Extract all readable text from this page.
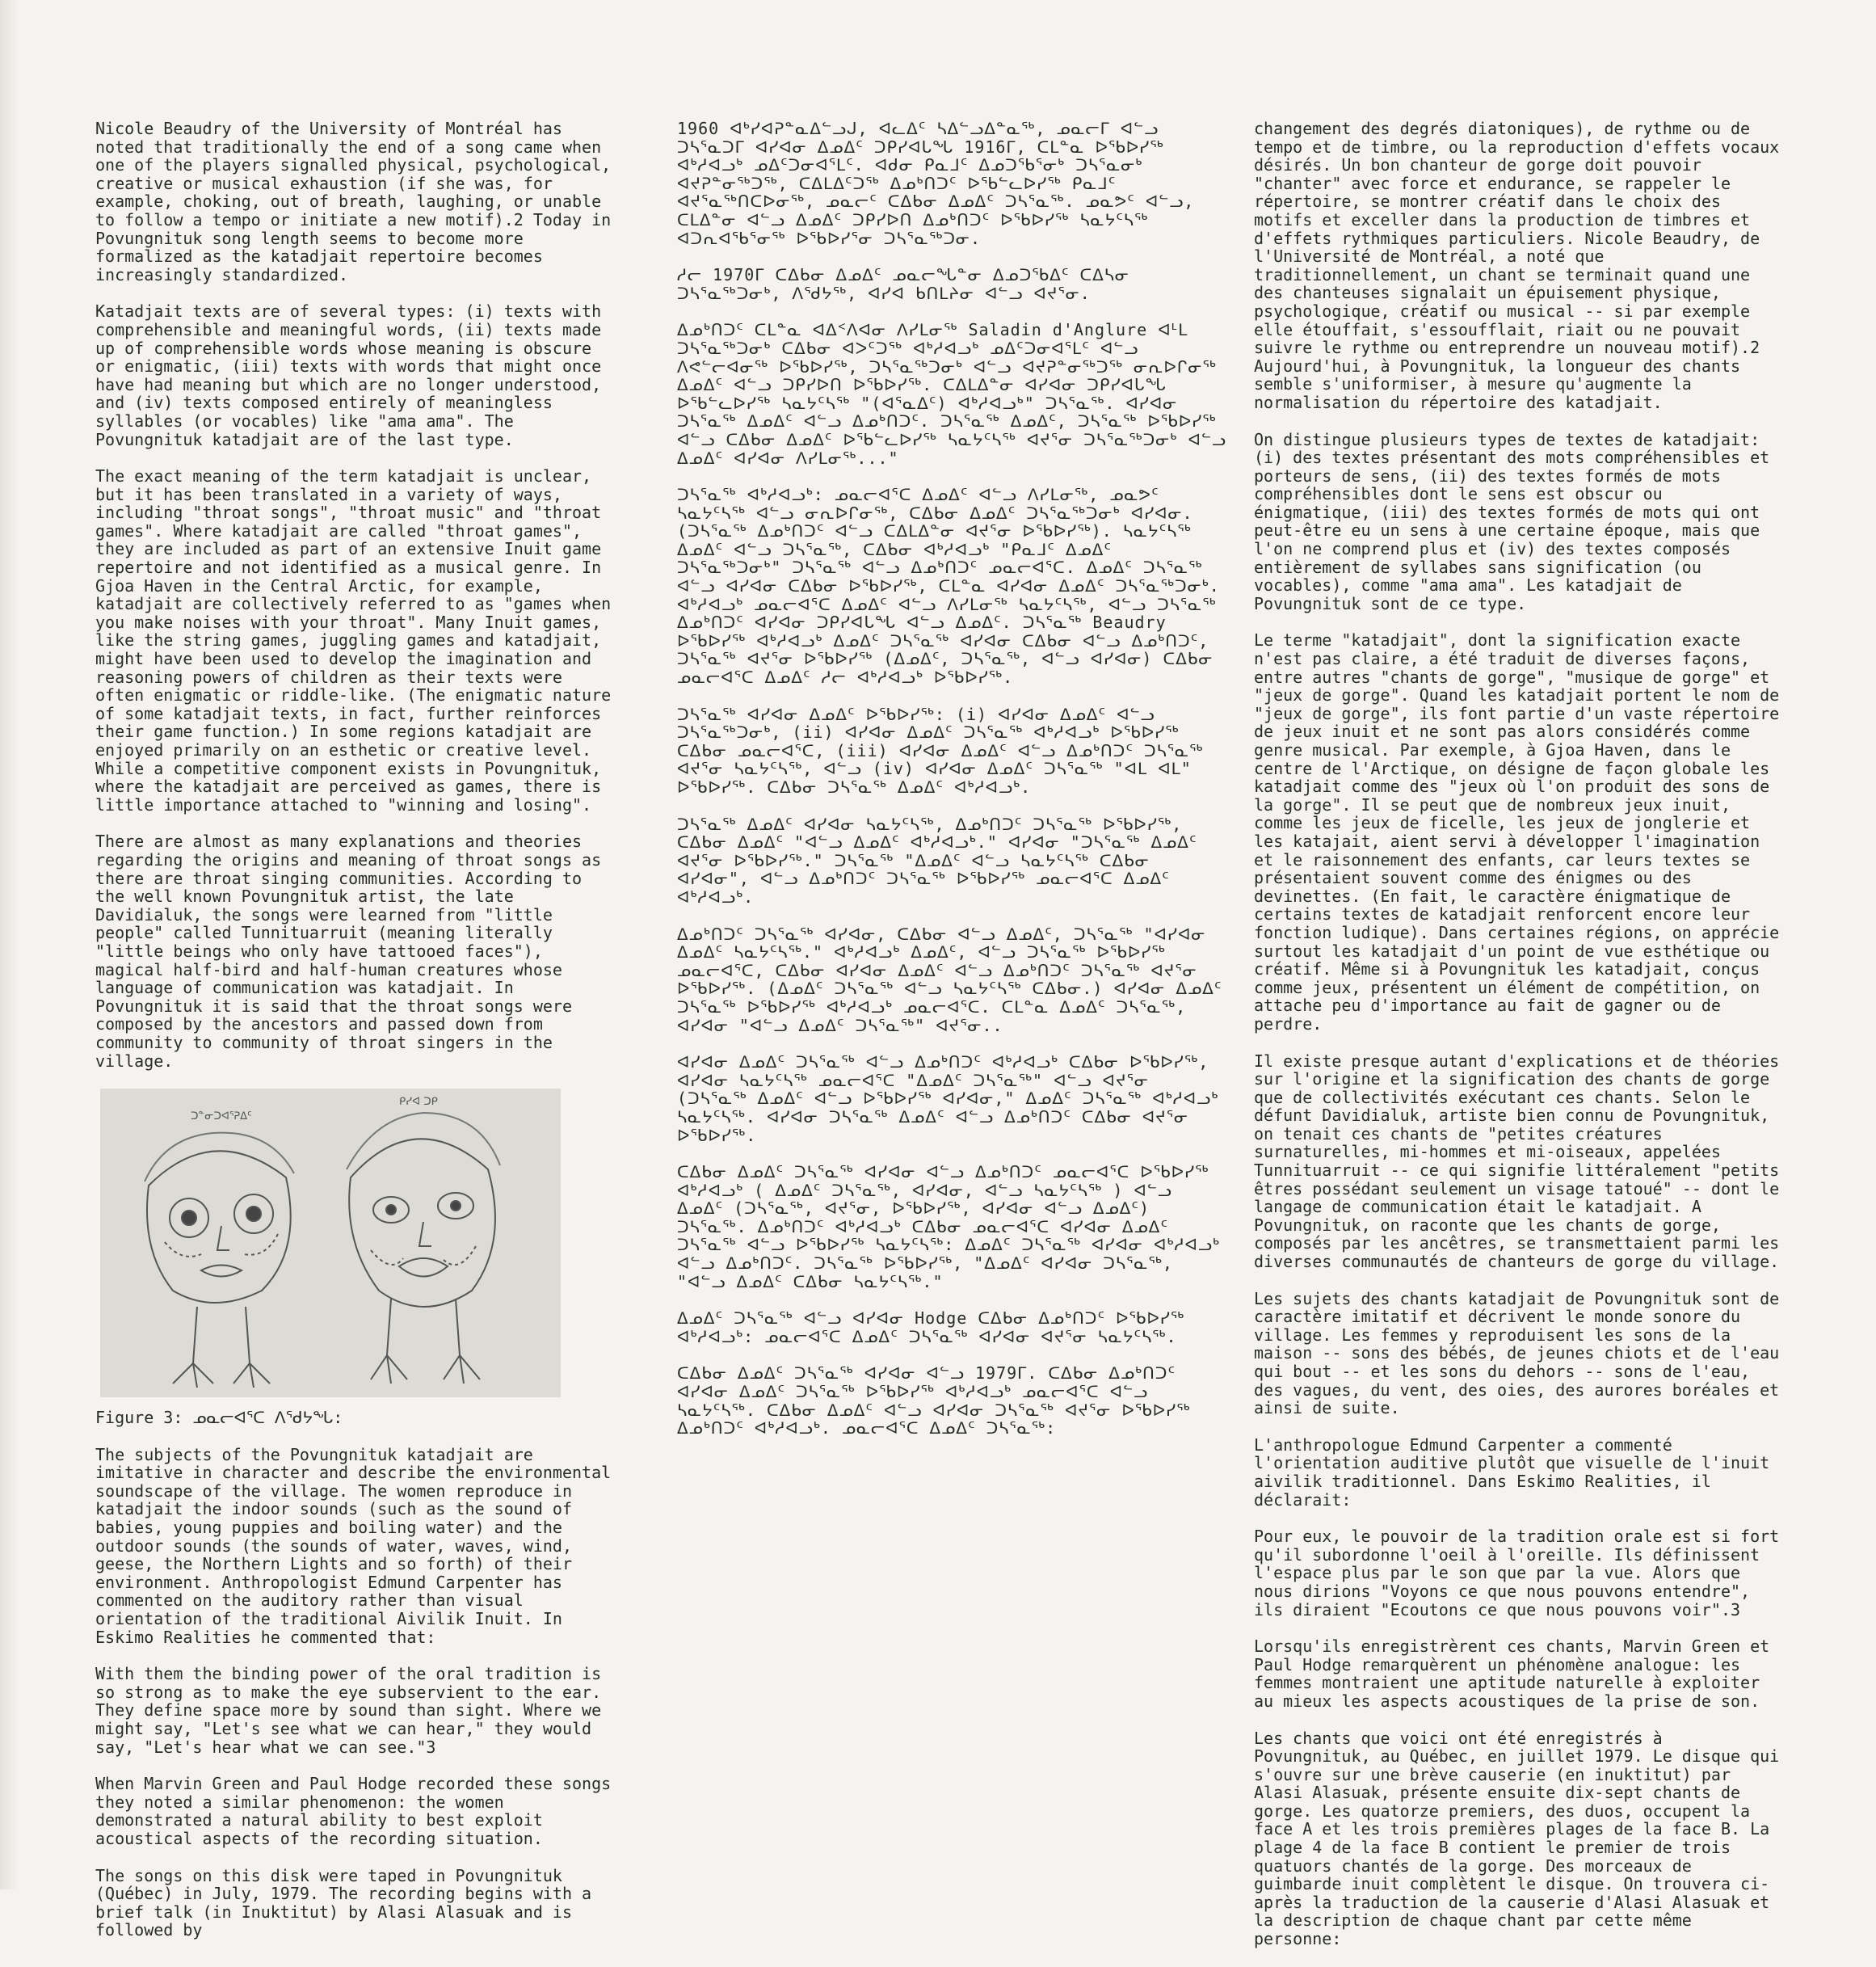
Nicole Beaudry of the University of Montréal has noted that traditionally the end of a song came when one of the players signalled physical, psychological, creative or musical exhaustion (if she was, for example, choking, out of breath, laughing, or unable to follow a tempo or initiate a new motif).2 Today in Povungnituk song length seems to become more formalized as the katadjait repertoire becomes increasingly standardized.

Katadjait texts are of several types: (i) texts with comprehensible and meaningful words, (ii) texts made up of comprehensible words whose meaning is obscure or enigmatic, (iii) texts with words that might once have had meaning but which are no longer understood, and (iv) texts composed entirely of meaningless syllables (or vocables) like "ama ama". The Povungnituk katadjait are of the last type.

The exact meaning of the term katadjait is unclear, but it has been translated in a variety of ways, including "throat songs", "throat music" and "throat games". Where katadjait are called "throat games", they are included as part of an extensive Inuit game repertoire and not identified as a musical genre. In Gjoa Haven in the Central Arctic, for example, katadjait are collectively referred to as "games when you make noises with your throat". Many Inuit games, like the string games, juggling games and katadjait, might have been used to develop the imagination and reasoning powers of children as their texts were often enigmatic or riddle-like. (The enigmatic nature of some katadjait texts, in fact, further reinforces their game function.) In some regions katadjait are enjoyed primarily on an esthetic or creative level. While a competitive component exists in Povungnituk, where the katadjait are perceived as games, there is little importance attached to "winning and losing".

There are almost as many explanations and theories regarding the origins and meaning of throat songs as there are throat singing communities. According to the well known Povungnituk artist, the late Davidialuk, the songs were learned from "little people" called Tunnituarruit (meaning literally "little beings who only have tattooed faces"), magical half-bird and half-human creatures whose language of communication was katadjait. In Povungnituk it is said that the throat songs were composed by the ancestors and passed down from community to community of throat singers in the village.

ᑐᓐᓂᑐᐊᕐᕈᐃᑦ
ᑭᓯᐊ ᑐᑭ

Figure 3: ᓄᓇᓕᐊᕐᑕ ᐱᖁᔭᖓ:

The subjects of the Povungnituk katadjait are imitative in character and describe the environmental soundscape of the village. The women reproduce in katadjait the indoor sounds (such as the sound of babies, young puppies and boiling water) and the outdoor sounds (the sounds of water, waves, wind, geese, the Northern Lights and so forth) of their environment. Anthropologist Edmund Carpenter has commented on the auditory rather than visual orientation of the traditional Aivilik Inuit. In Eskimo Realities he commented that:

With them the binding power of the oral tradition is so strong as to make the eye subservient to the ear. They define space more by sound than sight. Where we might say, "Let's see what we can hear," they would say, "Let's hear what we can see."3

When Marvin Green and Paul Hodge recorded these songs they noted a similar phenomenon: the women demonstrated a natural ability to best exploit acoustical aspects of the recording situation.

The songs on this disk were taped in Povungnituk (Québec) in July, 1979. The recording begins with a brief talk (in Inuktitut) by Alasi Alasuak and is followed by

1960 ᐊᒃᓯᐊᕈᓐᓇᐃᓪᓗᒍ, ᐊᓚᐃᑦ ᓴᐃᓪᓗᐃᓐᓇᖅ, ᓄᓇᓕᒥ ᐊᓪᓗ ᑐᓴᕐᓇᑐᒥ ᐊᓯᐊᓂ ᐃᓄᐃᑦ ᑐᑭᓯᐊᒐᖓ 1916ᒥ, ᑕᒪᓐᓇ ᐅᖃᐅᓯᖅ ᐊᒃᓱᐊᓗᒃ ᓄᐃᑦᑐᓂᐊᕐᒪᑦ. ᐊᑯᓂ ᑭᓇᒧᑦ ᐃᓄᑐᖃᕐᓂᒃ ᑐᓴᕐᓇᓂᒃ ᐊᔪᕈᓐᓂᖅᑐᖅ, ᑕᐃᒪᐃᑦᑐᖅ ᐃᓄᒃᑎᑐᑦ ᐅᖃᓪᓚᐅᓯᖅ ᑭᓇᒧᑦ ᐊᔪᕐᓇᖅᑎᑕᐅᓂᖅ, ᓄᓇᓕᑦ ᑕᐃᑲᓂ ᐃᓄᐃᑦ ᑐᓴᕐᓇᖅ. ᓄᓇᕗᑦ ᐊᓪᓗ, ᑕᒪᐃᓐᓂ ᐊᓪᓗ ᐃᓄᐃᑦ ᑐᑭᓯᐅᑎ ᐃᓄᒃᑎᑐᑦ ᐅᖃᐅᓯᖅ ᓴᓇᔭᑦᓴᖅ ᐊᑐᕆᐊᖃᕐᓂᖅ ᐅᖃᐅᓯᕐᓂ ᑐᓴᕐᓇᖅᑐᓂ.

ᓱᓕ 1970ᒥ ᑕᐃᑲᓂ ᐃᓄᐃᑦ ᓄᓇᓕᖓᓐᓂ ᐃᓄᑐᖃᐃᑦ ᑕᐃᓴᓂ ᑐᓴᕐᓇᖅᑐᓂᒃ, ᐱᖁᔭᖅ, ᐊᓯᐊ ᑲᑎᒪᔨᓂ ᐊᓪᓗ ᐊᔪᕐᓂ.

ᐃᓄᒃᑎᑐᑦ ᑕᒪᓐᓇ ᐊᐃᑉᐱᐊᓂ ᐱᓯᒪᓂᖅ Saladin d'Anglure ᐊᒻᒪ ᑐᓴᕐᓇᖅᑐᓂᒃ ᑕᐃᑲᓂ ᐊᐳᑦᑐᖅ ᐊᒃᓱᐊᓗᒃ ᓄᐃᑦᑐᓂᐊᕐᒪᑦ ᐊᓪᓗ ᐱᕙᓪᓕᐊᓂᖅ ᐅᖃᐅᓯᖅ, ᑐᓴᕐᓇᖅᑐᓂᒃ ᐊᓪᓗ ᐊᔪᕈᓐᓂᖅᑐᖅ ᓂᕆᐅᒋᓂᖅ ᐃᓄᐃᑦ ᐊᓪᓗ ᑐᑭᓯᐅᑎ ᐅᖃᐅᓯᖅ. ᑕᐃᒪᐃᓐᓂ ᐊᓯᐊᓂ ᑐᑭᓯᐊᒐᖓ ᐅᖃᓪᓚᐅᓯᖅ ᓴᓇᔭᑦᓴᖅ "(ᐊᕐᓇᐃᑦ) ᐊᒃᓱᐊᓗᒃ" ᑐᓴᕐᓇᖅ. ᐊᓯᐊᓂ ᑐᓴᕐᓇᖅ ᐃᓄᐃᑦ ᐊᓪᓗ ᐃᓄᒃᑎᑐᑦ. ᑐᓴᕐᓇᖅ ᐃᓄᐃᑦ, ᑐᓴᕐᓇᖅ ᐅᖃᐅᓯᖅ ᐊᓪᓗ ᑕᐃᑲᓂ ᐃᓄᐃᑦ ᐅᖃᓪᓚᐅᓯᖅ ᓴᓇᔭᑦᓴᖅ ᐊᔪᕐᓂ ᑐᓴᕐᓇᖅᑐᓂᒃ ᐊᓪᓗ ᐃᓄᐃᑦ ᐊᓯᐊᓂ ᐱᓯᒪᓂᖅ..."

ᑐᓴᕐᓇᖅ ᐊᒃᓱᐊᓗᒃ: ᓄᓇᓕᐊᕐᑕ ᐃᓄᐃᑦ ᐊᓪᓗ ᐱᓯᒪᓂᖅ, ᓄᓇᕗᑦ ᓴᓇᔭᑦᓴᖅ ᐊᓪᓗ ᓂᕆᐅᒋᓂᖅ, ᑕᐃᑲᓂ ᐃᓄᐃᑦ ᑐᓴᕐᓇᖅᑐᓂᒃ ᐊᓯᐊᓂ. (ᑐᓴᕐᓇᖅ ᐃᓄᒃᑎᑐᑦ ᐊᓪᓗ ᑕᐃᒪᐃᓐᓂ ᐊᔪᕐᓂ ᐅᖃᐅᓯᖅ). ᓴᓇᔭᑦᓴᖅ ᐃᓄᐃᑦ ᐊᓪᓗ ᑐᓴᕐᓇᖅ, ᑕᐃᑲᓂ ᐊᒃᓱᐊᓗᒃ "ᑭᓇᒧᑦ ᐃᓄᐃᑦ ᑐᓴᕐᓇᖅᑐᓂᒃ" ᑐᓴᕐᓇᖅ ᐊᓪᓗ ᐃᓄᒃᑎᑐᑦ ᓄᓇᓕᐊᕐᑕ. ᐃᓄᐃᑦ ᑐᓴᕐᓇᖅ ᐊᓪᓗ ᐊᓯᐊᓂ ᑕᐃᑲᓂ ᐅᖃᐅᓯᖅ, ᑕᒪᓐᓇ ᐊᓯᐊᓂ ᐃᓄᐃᑦ ᑐᓴᕐᓇᖅᑐᓂᒃ. ᐊᒃᓱᐊᓗᒃ ᓄᓇᓕᐊᕐᑕ ᐃᓄᐃᑦ ᐊᓪᓗ ᐱᓯᒪᓂᖅ ᓴᓇᔭᑦᓴᖅ, ᐊᓪᓗ ᑐᓴᕐᓇᖅ ᐃᓄᒃᑎᑐᑦ ᐊᓯᐊᓂ ᑐᑭᓯᐊᒐᖓ ᐊᓪᓗ ᐃᓄᐃᑦ. ᑐᓴᕐᓇᖅ Beaudry ᐅᖃᐅᓯᖅ ᐊᒃᓱᐊᓗᒃ ᐃᓄᐃᑦ ᑐᓴᕐᓇᖅ ᐊᓯᐊᓂ ᑕᐃᑲᓂ ᐊᓪᓗ ᐃᓄᒃᑎᑐᑦ, ᑐᓴᕐᓇᖅ ᐊᔪᕐᓂ ᐅᖃᐅᓯᖅ (ᐃᓄᐃᑦ, ᑐᓴᕐᓇᖅ, ᐊᓪᓗ ᐊᓯᐊᓂ) ᑕᐃᑲᓂ ᓄᓇᓕᐊᕐᑕ ᐃᓄᐃᑦ ᓱᓕ ᐊᒃᓱᐊᓗᒃ ᐅᖃᐅᓯᖅ.

ᑐᓴᕐᓇᖅ ᐊᓯᐊᓂ ᐃᓄᐃᑦ ᐅᖃᐅᓯᖅ: (i) ᐊᓯᐊᓂ ᐃᓄᐃᑦ ᐊᓪᓗ ᑐᓴᕐᓇᖅᑐᓂᒃ, (ii) ᐊᓯᐊᓂ ᐃᓄᐃᑦ ᑐᓴᕐᓇᖅ ᐊᒃᓱᐊᓗᒃ ᐅᖃᐅᓯᖅ ᑕᐃᑲᓂ ᓄᓇᓕᐊᕐᑕ, (iii) ᐊᓯᐊᓂ ᐃᓄᐃᑦ ᐊᓪᓗ ᐃᓄᒃᑎᑐᑦ ᑐᓴᕐᓇᖅ ᐊᔪᕐᓂ ᓴᓇᔭᑦᓴᖅ, ᐊᓪᓗ (iv) ᐊᓯᐊᓂ ᐃᓄᐃᑦ ᑐᓴᕐᓇᖅ "ᐊᒪ ᐊᒪ" ᐅᖃᐅᓯᖅ. ᑕᐃᑲᓂ ᑐᓴᕐᓇᖅ ᐃᓄᐃᑦ ᐊᒃᓱᐊᓗᒃ.

ᑐᓴᕐᓇᖅ ᐃᓄᐃᑦ ᐊᓯᐊᓂ ᓴᓇᔭᑦᓴᖅ, ᐃᓄᒃᑎᑐᑦ ᑐᓴᕐᓇᖅ ᐅᖃᐅᓯᖅ, ᑕᐃᑲᓂ ᐃᓄᐃᑦ "ᐊᓪᓗ ᐃᓄᐃᑦ ᐊᒃᓱᐊᓗᒃ." ᐊᓯᐊᓂ "ᑐᓴᕐᓇᖅ ᐃᓄᐃᑦ ᐊᔪᕐᓂ ᐅᖃᐅᓯᖅ." ᑐᓴᕐᓇᖅ "ᐃᓄᐃᑦ ᐊᓪᓗ ᓴᓇᔭᑦᓴᖅ ᑕᐃᑲᓂ ᐊᓯᐊᓂ", ᐊᓪᓗ ᐃᓄᒃᑎᑐᑦ ᑐᓴᕐᓇᖅ ᐅᖃᐅᓯᖅ ᓄᓇᓕᐊᕐᑕ ᐃᓄᐃᑦ ᐊᒃᓱᐊᓗᒃ.

ᐃᓄᒃᑎᑐᑦ ᑐᓴᕐᓇᖅ ᐊᓯᐊᓂ, ᑕᐃᑲᓂ ᐊᓪᓗ ᐃᓄᐃᑦ, ᑐᓴᕐᓇᖅ "ᐊᓯᐊᓂ ᐃᓄᐃᑦ ᓴᓇᔭᑦᓴᖅ." ᐊᒃᓱᐊᓗᒃ ᐃᓄᐃᑦ, ᐊᓪᓗ ᑐᓴᕐᓇᖅ ᐅᖃᐅᓯᖅ ᓄᓇᓕᐊᕐᑕ, ᑕᐃᑲᓂ ᐊᓯᐊᓂ ᐃᓄᐃᑦ ᐊᓪᓗ ᐃᓄᒃᑎᑐᑦ ᑐᓴᕐᓇᖅ ᐊᔪᕐᓂ ᐅᖃᐅᓯᖅ. (ᐃᓄᐃᑦ ᑐᓴᕐᓇᖅ ᐊᓪᓗ ᓴᓇᔭᑦᓴᖅ ᑕᐃᑲᓂ.) ᐊᓯᐊᓂ ᐃᓄᐃᑦ ᑐᓴᕐᓇᖅ ᐅᖃᐅᓯᖅ ᐊᒃᓱᐊᓗᒃ ᓄᓇᓕᐊᕐᑕ. ᑕᒪᓐᓇ ᐃᓄᐃᑦ ᑐᓴᕐᓇᖅ, ᐊᓯᐊᓂ "ᐊᓪᓗ ᐃᓄᐃᑦ ᑐᓴᕐᓇᖅ" ᐊᔪᕐᓂ..

ᐊᓯᐊᓂ ᐃᓄᐃᑦ ᑐᓴᕐᓇᖅ ᐊᓪᓗ ᐃᓄᒃᑎᑐᑦ ᐊᒃᓱᐊᓗᒃ ᑕᐃᑲᓂ ᐅᖃᐅᓯᖅ, ᐊᓯᐊᓂ ᓴᓇᔭᑦᓴᖅ ᓄᓇᓕᐊᕐᑕ "ᐃᓄᐃᑦ ᑐᓴᕐᓇᖅ" ᐊᓪᓗ ᐊᔪᕐᓂ (ᑐᓴᕐᓇᖅ ᐃᓄᐃᑦ ᐊᓪᓗ ᐅᖃᐅᓯᖅ ᐊᓯᐊᓂ," ᐃᓄᐃᑦ ᑐᓴᕐᓇᖅ ᐊᒃᓱᐊᓗᒃ ᓴᓇᔭᑦᓴᖅ. ᐊᓯᐊᓂ ᑐᓴᕐᓇᖅ ᐃᓄᐃᑦ ᐊᓪᓗ ᐃᓄᒃᑎᑐᑦ ᑕᐃᑲᓂ ᐊᔪᕐᓂ ᐅᖃᐅᓯᖅ.

ᑕᐃᑲᓂ ᐃᓄᐃᑦ ᑐᓴᕐᓇᖅ ᐊᓯᐊᓂ ᐊᓪᓗ ᐃᓄᒃᑎᑐᑦ ᓄᓇᓕᐊᕐᑕ ᐅᖃᐅᓯᖅ ᐊᒃᓱᐊᓗᒃ ( ᐃᓄᐃᑦ ᑐᓴᕐᓇᖅ, ᐊᓯᐊᓂ, ᐊᓪᓗ ᓴᓇᔭᑦᓴᖅ ) ᐊᓪᓗ ᐃᓄᐃᑦ (ᑐᓴᕐᓇᖅ, ᐊᔪᕐᓂ, ᐅᖃᐅᓯᖅ, ᐊᓯᐊᓂ ᐊᓪᓗ ᐃᓄᐃᑦ) ᑐᓴᕐᓇᖅ. ᐃᓄᒃᑎᑐᑦ ᐊᒃᓱᐊᓗᒃ ᑕᐃᑲᓂ ᓄᓇᓕᐊᕐᑕ ᐊᓯᐊᓂ ᐃᓄᐃᑦ ᑐᓴᕐᓇᖅ ᐊᓪᓗ ᐅᖃᐅᓯᖅ ᓴᓇᔭᑦᓴᖅ: ᐃᓄᐃᑦ ᑐᓴᕐᓇᖅ ᐊᓯᐊᓂ ᐊᒃᓱᐊᓗᒃ ᐊᓪᓗ ᐃᓄᒃᑎᑐᑦ. ᑐᓴᕐᓇᖅ ᐅᖃᐅᓯᖅ, "ᐃᓄᐃᑦ ᐊᓯᐊᓂ ᑐᓴᕐᓇᖅ, "ᐊᓪᓗ ᐃᓄᐃᑦ ᑕᐃᑲᓂ ᓴᓇᔭᑦᓴᖅ."

ᐃᓄᐃᑦ ᑐᓴᕐᓇᖅ ᐊᓪᓗ ᐊᓯᐊᓂ Hodge ᑕᐃᑲᓂ ᐃᓄᒃᑎᑐᑦ ᐅᖃᐅᓯᖅ ᐊᒃᓱᐊᓗᒃ: ᓄᓇᓕᐊᕐᑕ ᐃᓄᐃᑦ ᑐᓴᕐᓇᖅ ᐊᓯᐊᓂ ᐊᔪᕐᓂ ᓴᓇᔭᑦᓴᖅ.

ᑕᐃᑲᓂ ᐃᓄᐃᑦ ᑐᓴᕐᓇᖅ ᐊᓯᐊᓂ ᐊᓪᓗ 1979ᒥ. ᑕᐃᑲᓂ ᐃᓄᒃᑎᑐᑦ ᐊᓯᐊᓂ ᐃᓄᐃᑦ ᑐᓴᕐᓇᖅ ᐅᖃᐅᓯᖅ ᐊᒃᓱᐊᓗᒃ ᓄᓇᓕᐊᕐᑕ ᐊᓪᓗ ᓴᓇᔭᑦᓴᖅ. ᑕᐃᑲᓂ ᐃᓄᐃᑦ ᐊᓪᓗ ᐊᓯᐊᓂ ᑐᓴᕐᓇᖅ ᐊᔪᕐᓂ ᐅᖃᐅᓯᖅ ᐃᓄᒃᑎᑐᑦ ᐊᒃᓱᐊᓗᒃ. ᓄᓇᓕᐊᕐᑕ ᐃᓄᐃᑦ ᑐᓴᕐᓇᖅ:

changement des degrés diatoniques), de rythme ou de tempo et de timbre, ou la reproduction d'effets vocaux désirés. Un bon chanteur de gorge doit pouvoir "chanter" avec force et endurance, se rappeler le répertoire, se montrer créatif dans le choix des motifs et exceller dans la production de timbres et d'effets rythmiques particuliers. Nicole Beaudry, de l'Université de Montréal, a noté que traditionnellement, un chant se terminait quand une des chanteuses signalait un épuisement physique, psychologique, créatif ou musical -- si par exemple elle étouffait, s'essoufflait, riait ou ne pouvait suivre le rythme ou entreprendre un nouveau motif).2 Aujourd'hui, à Povungnituk, la longueur des chants semble s'uniformiser, à mesure qu'augmente la normalisation du répertoire des katadjait.

On distingue plusieurs types de textes de katadjait: (i) des textes présentant des mots compréhensibles et porteurs de sens, (ii) des textes formés de mots compréhensibles dont le sens est obscur ou énigmatique, (iii) des textes formés de mots qui ont peut-être eu un sens à une certaine époque, mais que l'on ne comprend plus et (iv) des textes composés entièrement de syllabes sans signification (ou vocables), comme "ama ama". Les katadjait de Povungnituk sont de ce type.

Le terme "katadjait", dont la signification exacte n'est pas claire, a été traduit de diverses façons, entre autres "chants de gorge", "musique de gorge" et "jeux de gorge". Quand les katadjait portent le nom de "jeux de gorge", ils font partie d'un vaste répertoire de jeux inuit et ne sont pas alors considérés comme genre musical. Par exemple, à Gjoa Haven, dans le centre de l'Arctique, on désigne de façon globale les katadjait comme des "jeux où l'on produit des sons de la gorge". Il se peut que de nombreux jeux inuit, comme les jeux de ficelle, les jeux de jonglerie et les katajait, aient servi à développer l'imagination et le raisonnement des enfants, car leurs textes se présentaient souvent comme des énigmes ou des devinettes. (En fait, le caractère énigmatique de certains textes de katadjait renforcent encore leur fonction ludique). Dans certaines régions, on apprécie surtout les katadjait d'un point de vue esthétique ou créatif. Même si à Povungnituk les katadjait, conçus comme jeux, présentent un élément de compétition, on attache peu d'importance au fait de gagner ou de perdre.

Il existe presque autant d'explications et de théories sur l'origine et la signification des chants de gorge que de collectivités exécutant ces chants. Selon le défunt Davidialuk, artiste bien connu de Povungnituk, on tenait ces chants de "petites créatures surnaturelles, mi-hommes et mi-oiseaux, appelées Tunnituarruit -- ce qui signifie littéralement "petits êtres possédant seulement un visage tatoué" -- dont le langage de communication était le katadjait. A Povungnituk, on raconte que les chants de gorge, composés par les ancêtres, se transmettaient parmi les diverses communautés de chanteurs de gorge du village.

Les sujets des chants katadjait de Povungnituk sont de caractère imitatif et décrivent le monde sonore du village. Les femmes y reproduisent les sons de la maison -- sons des bébés, de jeunes chiots et de l'eau qui bout -- et les sons du dehors -- sons de l'eau, des vagues, du vent, des oies, des aurores boréales et ainsi de suite.

L'anthropologue Edmund Carpenter a commenté l'orientation auditive plutôt que visuelle de l'inuit aivilik traditionnel. Dans Eskimo Realities, il déclarait:

Pour eux, le pouvoir de la tradition orale est si fort qu'il subordonne l'oeil à l'oreille. Ils définissent l'espace plus par le son que par la vue. Alors que nous dirions "Voyons ce que nous pouvons entendre", ils diraient "Ecoutons ce que nous pouvons voir".3

Lorsqu'ils enregistrèrent ces chants, Marvin Green et Paul Hodge remarquèrent un phénomène analogue: les femmes montraient une aptitude naturelle à exploiter au mieux les aspects acoustiques de la prise de son.

Les chants que voici ont été enregistrés à Povungnituk, au Québec, en juillet 1979. Le disque qui s'ouvre sur une brève causerie (en inuktitut) par Alasi Alasuak, présente ensuite dix-sept chants de gorge. Les quatorze premiers, des duos, occupent la face A et les trois premières plages de la face B. La plage 4 de la face B contient le premier de trois quatuors chantés de la gorge. Des morceaux de guimbarde inuit complètent le disque. On trouvera ci-après la traduction de la causerie d'Alasi Alasuak et la description de chaque chant par cette même personne:
